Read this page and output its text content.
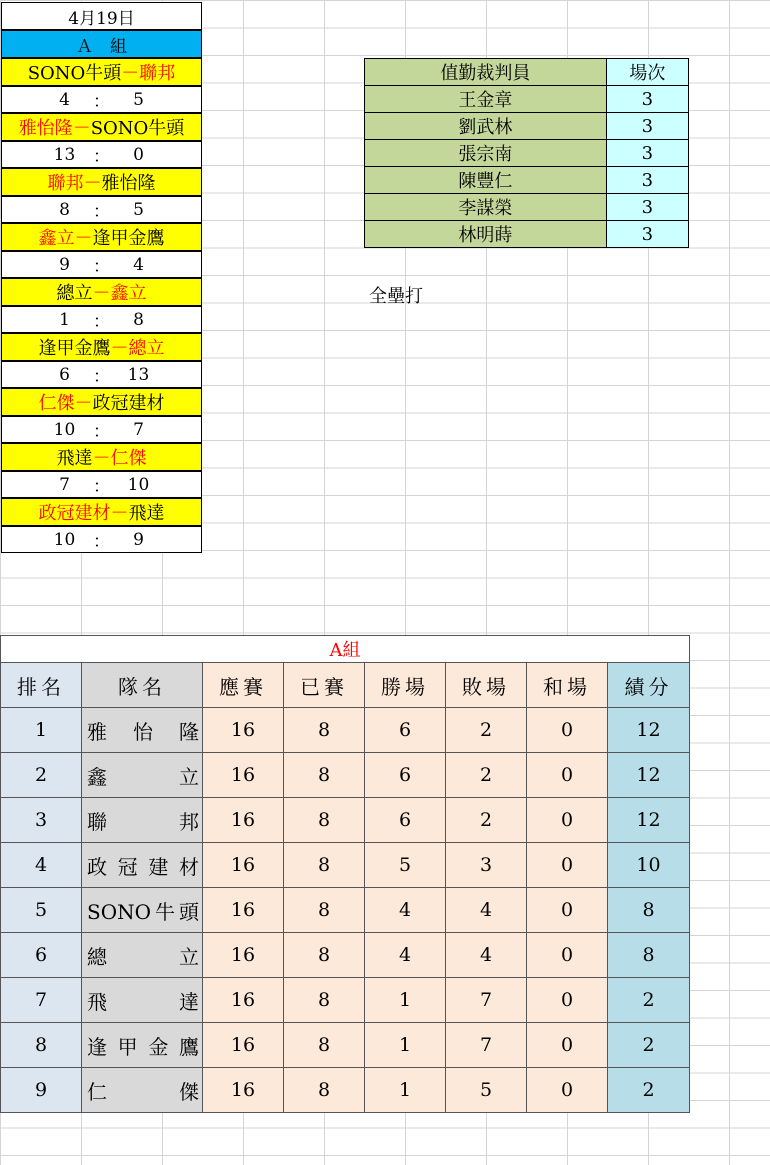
4月19日
Ａ　組
SONO牛頭 － 聯邦
4	：	5
雅怡隆 － SONO牛頭
13	：	0
聯邦 － 雅怡隆
8	：	5
鑫立 － 逢甲金鷹
9	：	4
總立 － 鑫立
1	：	8
逢甲金鷹 － 總立
6	：	13
仁傑 － 政冠建材
10	：	7
飛達 － 仁傑
7	：	10
政冠建材 － 飛達
10	：	9
值勤裁判員	場次
王金章	3
劉武林	3
張宗南	3
陳豐仁	3
李謀榮	3
林明蒔	3
全壘打
A組							
排名	隊名	應賽	已賽	勝場	敗場	和場	績分
1	雅怡隆	16	8	6	2	0	12
2	鑫立	16	8	6	2	0	12
3	聯邦	16	8	6	2	0	12
4	政冠建材	16	8	5	3	0	10
5	SONO牛頭	16	8	4	4	0	8
6	總立	16	8	4	4	0	8
7	飛達	16	8	1	7	0	2
8	逢甲金鷹	16	8	1	7	0	2
9	仁傑	16	8	1	5	0	2
